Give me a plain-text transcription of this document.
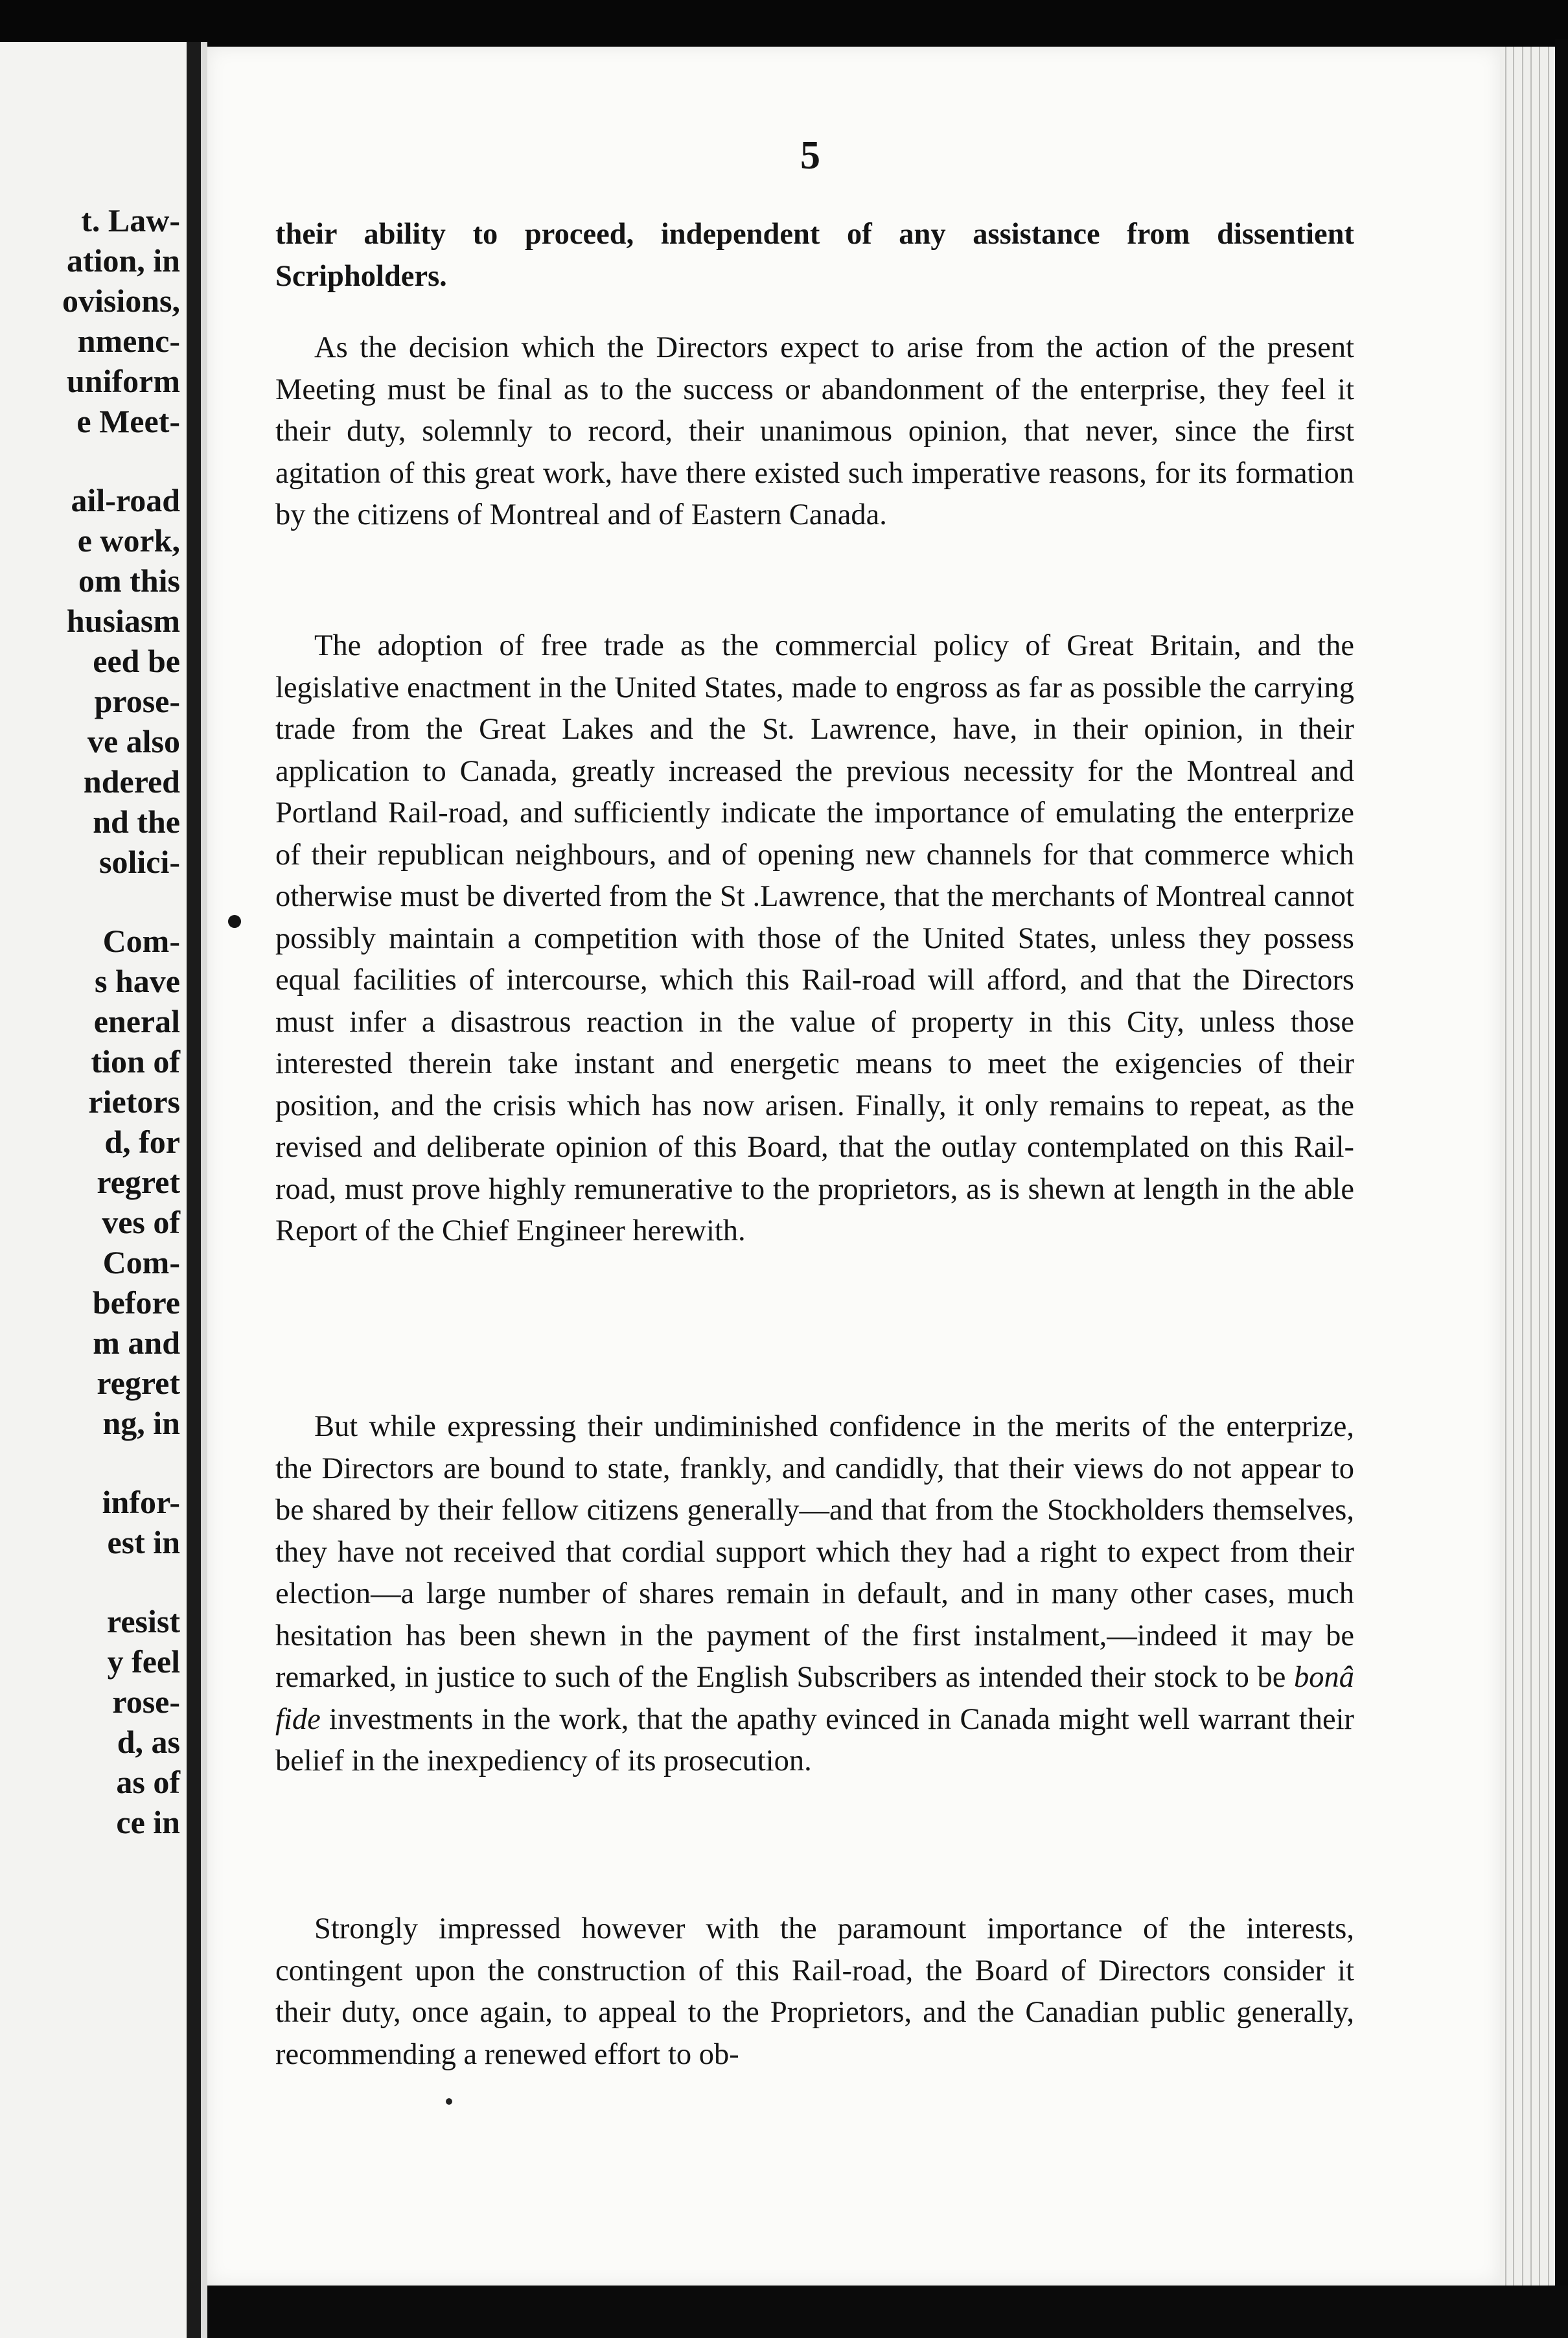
t. Law-
ation, in
ovisions,
nmenc-
uniform
e Meet-
ail-road
e work,
om this
husiasm
eed be
prose-
ve also
ndered
nd the
solici-
Com-
s have
eneral
tion of
rietors
d, for
regret
ves of
Com-
before
m and
regret
ng, in
infor-
est in
resist
y feel
rose-
d, as
as of
ce in
5

their ability to proceed, independent of any assistance from dissentient Scripholders.

As the decision which the Directors expect to arise from the action of the present Meeting must be final as to the success or abandonment of the enterprise, they feel it their duty, solemnly to record, their unanimous opinion, that never, since the first agitation of this great work, have there existed such imperative reasons, for its formation by the citizens of Montreal and of Eastern Canada.

The adoption of free trade as the commercial policy of Great Britain, and the legislative enactment in the United States, made to engross as far as possible the carrying trade from the Great Lakes and the St. Lawrence, have, in their opinion, in their application to Canada, greatly increased the previous necessity for the Montreal and Portland Rail-road, and sufficiently indicate the importance of emulating the enterprize of their republican neighbours, and of opening new channels for that commerce which otherwise must be diverted from the St .Lawrence, that the merchants of Montreal cannot possibly maintain a competition with those of the United States, unless they possess equal facilities of intercourse, which this Rail-road will afford, and that the Directors must infer a disastrous reaction in the value of property in this City, unless those interested therein take instant and energetic means to meet the exigencies of their position, and the crisis which has now arisen. Finally, it only remains to repeat, as the revised and deliberate opinion of this Board, that the outlay contemplated on this Rail-road, must prove highly remunerative to the proprietors, as is shewn at length in the able Report of the Chief Engineer herewith.

But while expressing their undiminished confidence in the merits of the enterprize, the Directors are bound to state, frankly, and candidly, that their views do not appear to be shared by their fellow citizens generally—and that from the Stockholders themselves, they have not received that cordial support which they had a right to expect from their election—a large number of shares remain in default, and in many other cases, much hesitation has been shewn in the payment of the first instalment,—indeed it may be remarked, in justice to such of the English Subscribers as intended their stock to be bonâ fide investments in the work, that the apathy evinced in Canada might well warrant their belief in the inexpediency of its prosecution.

Strongly impressed however with the paramount importance of the interests, contingent upon the construction of this Rail-road, the Board of Directors consider it their duty, once again, to appeal to the Proprietors, and the Canadian public generally, recommending a renewed effort to ob-
